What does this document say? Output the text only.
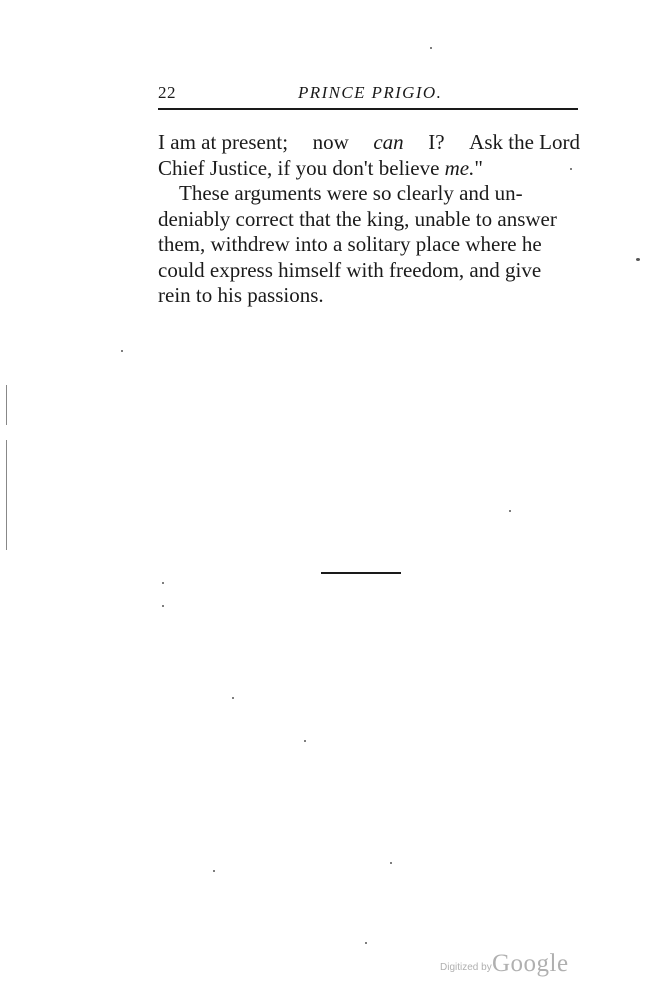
22	PRINCE PRIGIO.
I am at present; now can I? Ask the Lord
Chief Justice, if you don't believe me."
These arguments were so clearly and un-
deniably correct that the king, unable to answer
them, withdrew into a solitary place where he
could express himself with freedom, and give
rein to his passions.
Digitized by Google
